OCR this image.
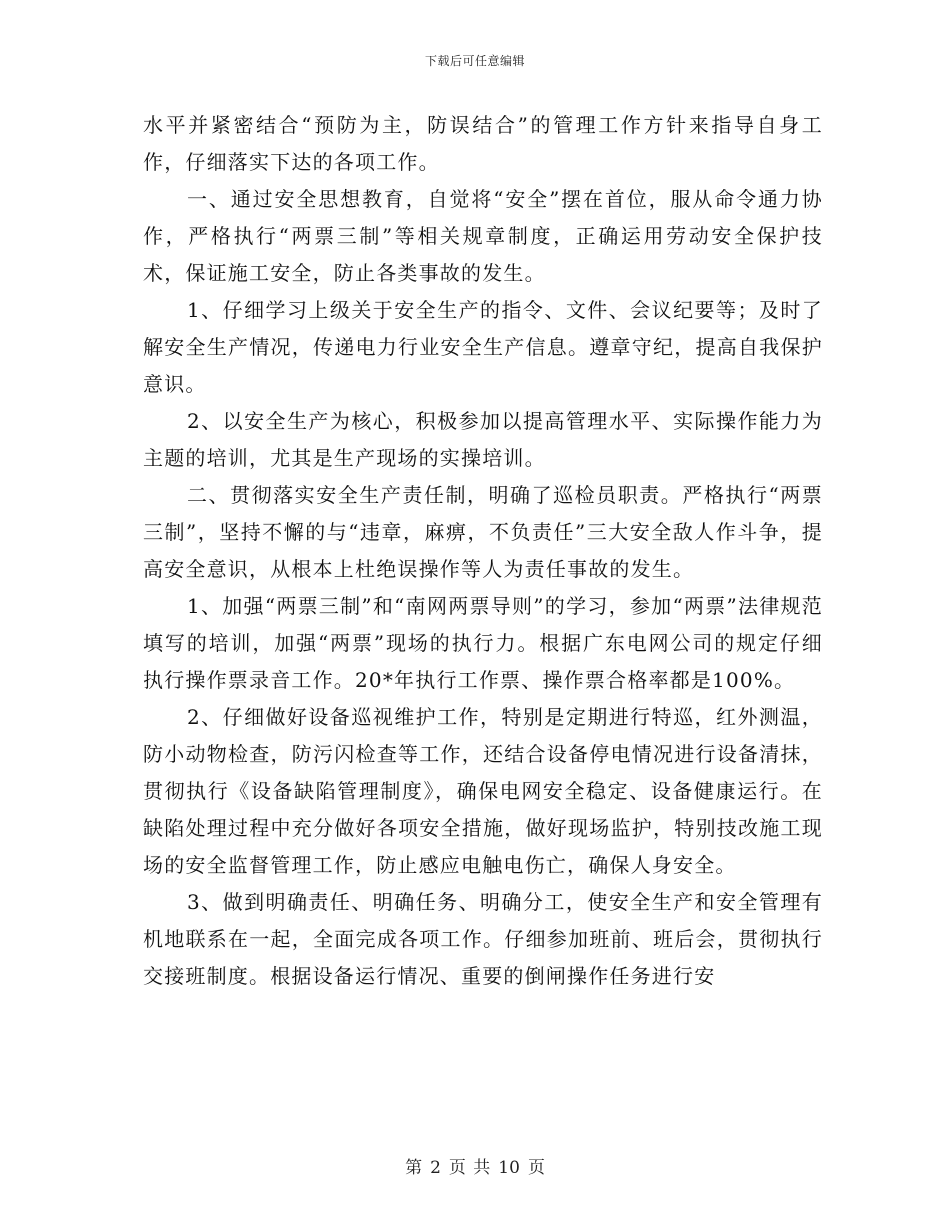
下载后可任意编辑

水平并紧密结合“预防为主，防误结合”的管理工作方针来指导自身工作，仔细落实下达的各项工作。

一、通过安全思想教育，自觉将“安全”摆在首位，服从命令通力协作，严格执行“两票三制”等相关规章制度，正确运用劳动安全保护技术，保证施工安全，防止各类事故的发生。

1、仔细学习上级关于安全生产的指令、文件、会议纪要等；及时了解安全生产情况，传递电力行业安全生产信息。遵章守纪，提高自我保护意识。

2、以安全生产为核心，积极参加以提高管理水平、实际操作能力为主题的培训，尤其是生产现场的实操培训。

二、贯彻落实安全生产责任制，明确了巡检员职责。严格执行“两票三制”，坚持不懈的与“违章，麻痹，不负责任”三大安全敌人作斗争，提高安全意识，从根本上杜绝误操作等人为责任事故的发生。

1、加强“两票三制”和“南网两票导则”的学习，参加“两票”法律规范填写的培训，加强“两票”现场的执行力。根据广东电网公司的规定仔细执行操作票录音工作。20*年执行工作票、操作票合格率都是100%。

2、仔细做好设备巡视维护工作，特别是定期进行特巡，红外测温，防小动物检查，防污闪检查等工作，还结合设备停电情况进行设备清抹，贯彻执行《设备缺陷管理制度》，确保电网安全稳定、设备健康运行。在缺陷处理过程中充分做好各项安全措施，做好现场监护，特别技改施工现场的安全监督管理工作，防止感应电触电伤亡，确保人身安全。

3、做到明确责任、明确任务、明确分工，使安全生产和安全管理有机地联系在一起，全面完成各项工作。仔细参加班前、班后会，贯彻执行交接班制度。根据设备运行情况、重要的倒闸操作任务进行安

第 2 页 共 10 页
